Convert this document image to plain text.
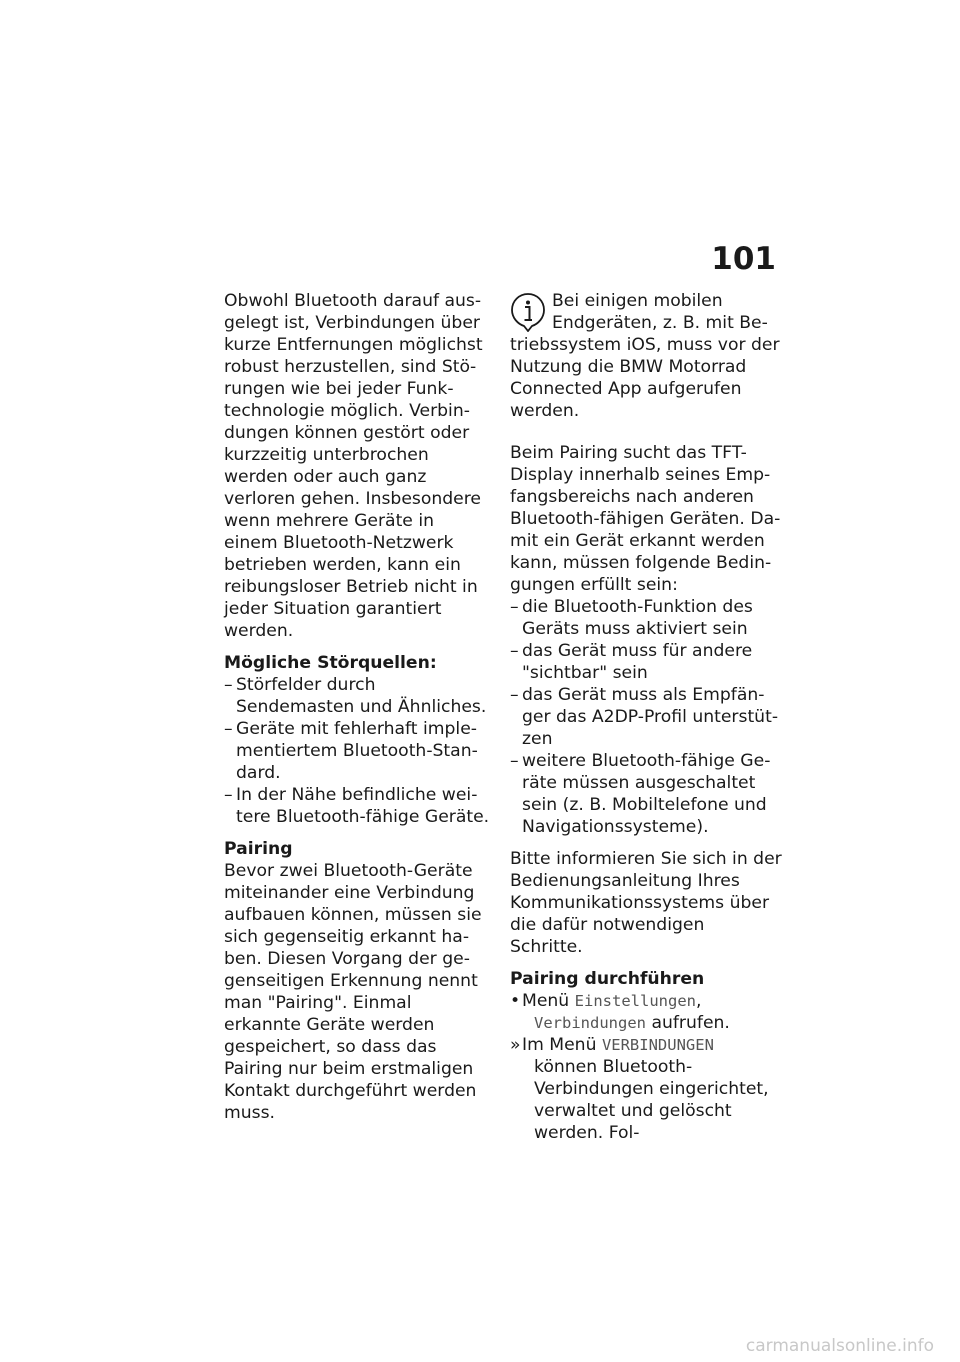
101

Obwohl Bluetooth darauf ausgelegt ist, Verbindungen über kurze Entfernungen möglichst robust herzustellen, sind Störungen wie bei jeder Funktechnologie möglich. Verbindungen können gestört oder kurzzeitig unterbrochen werden oder auch ganz verloren gehen. Insbesondere wenn mehrere Geräte in einem Bluetooth-Netzwerk betrieben werden, kann ein reibungsloser Betrieb nicht in jeder Situation garantiert werden.

Mögliche Störquellen:
– Störfelder durch Sendemasten und Ähnliches.
– Geräte mit fehlerhaft implementiertem Bluetooth-Standard.
– In der Nähe befindliche weitere Bluetooth-fähige Geräte.
Pairing

Bevor zwei Bluetooth-Geräte miteinander eine Verbindung aufbauen können, müssen sie sich gegenseitig erkannt haben. Diesen Vorgang der gegenseitigen Erkennung nennt man "Pairing". Einmal erkannte Geräte werden gespeichert, so dass das Pairing nur beim erstmaligen Kontakt durchgeführt werden muss.

Bei einigen mobilen Endgeräten, z. B. mit Betriebssystem iOS, muss vor der Nutzung die BMW Motorrad Connected App aufgerufen werden.

Beim Pairing sucht das TFT-Display innerhalb seines Empfangsbereichs nach anderen Bluetooth-fähigen Geräten. Damit ein Gerät erkannt werden kann, müssen folgende Bedingungen erfüllt sein:

– die Bluetooth-Funktion des Geräts muss aktiviert sein
– das Gerät muss für andere "sichtbar" sein
– das Gerät muss als Empfänger das A2DP-Profil unterstützen
– weitere Bluetooth-fähige Geräte müssen ausgeschaltet sein (z. B. Mobiltelefone und Navigationssysteme).

Bitte informieren Sie sich in der Bedienungsanleitung Ihres Kommunikationssystems über die dafür notwendigen Schritte.

Pairing durchführen
• Menü Einstellungen,
Verbindungen aufrufen.
»Im Menü VERBINDUNGEN
können Bluetooth-Verbindungen eingerichtet, verwaltet und gelöscht werden. Fol-
carmanualsonline.info
